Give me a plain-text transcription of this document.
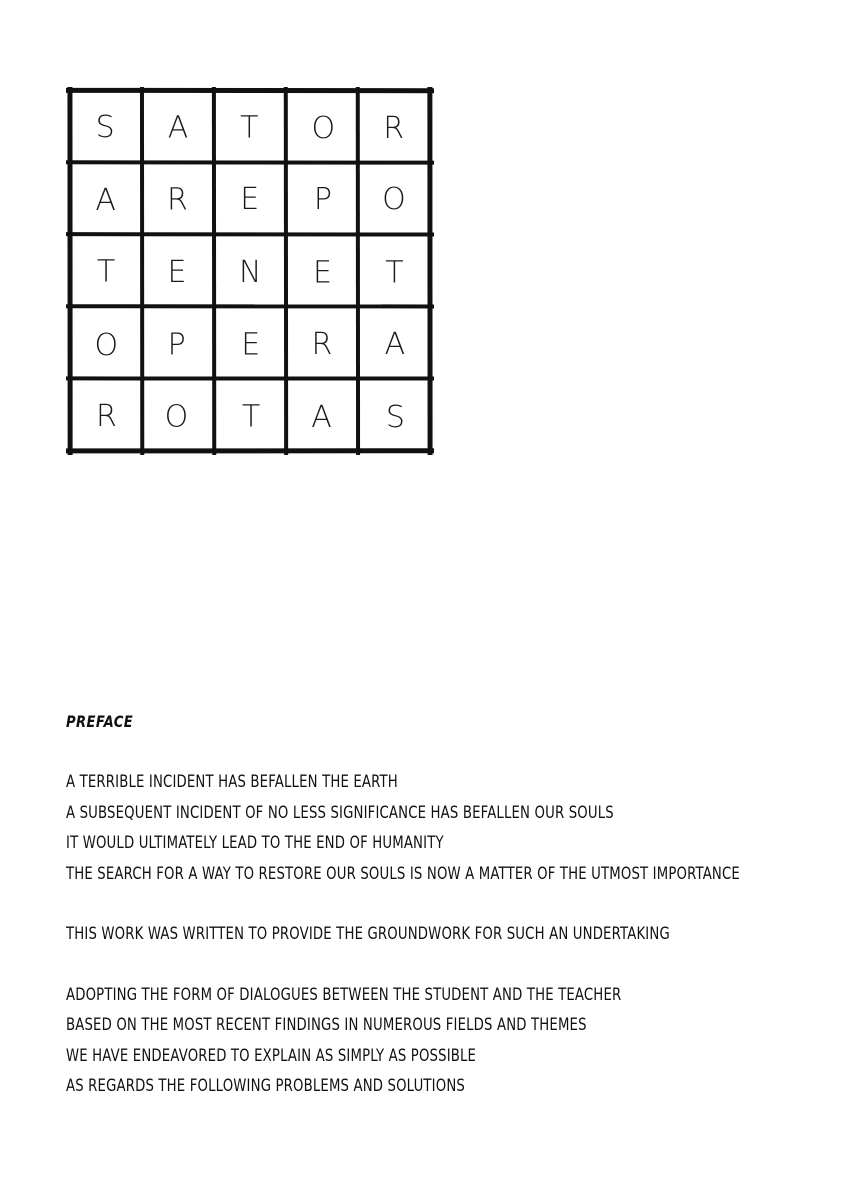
S A T O R
A R E P O
T E N E T
O P E R A
R O T A S
PREFACE
A TERRIBLE INCIDENT HAS BEFALLEN THE EARTH
A SUBSEQUENT INCIDENT OF NO LESS SIGNIFICANCE HAS BEFALLEN OUR SOULS
IT WOULD ULTIMATELY LEAD TO THE END OF HUMANITY
THE SEARCH FOR A WAY TO RESTORE OUR SOULS IS NOW A MATTER OF THE UTMOST IMPORTANCE
THIS WORK WAS WRITTEN TO PROVIDE THE GROUNDWORK FOR SUCH AN UNDERTAKING
ADOPTING THE FORM OF DIALOGUES BETWEEN THE STUDENT AND THE TEACHER
BASED ON THE MOST RECENT FINDINGS IN NUMEROUS FIELDS AND THEMES
WE HAVE ENDEAVORED TO EXPLAIN AS SIMPLY AS POSSIBLE
AS REGARDS THE FOLLOWING PROBLEMS AND SOLUTIONS
